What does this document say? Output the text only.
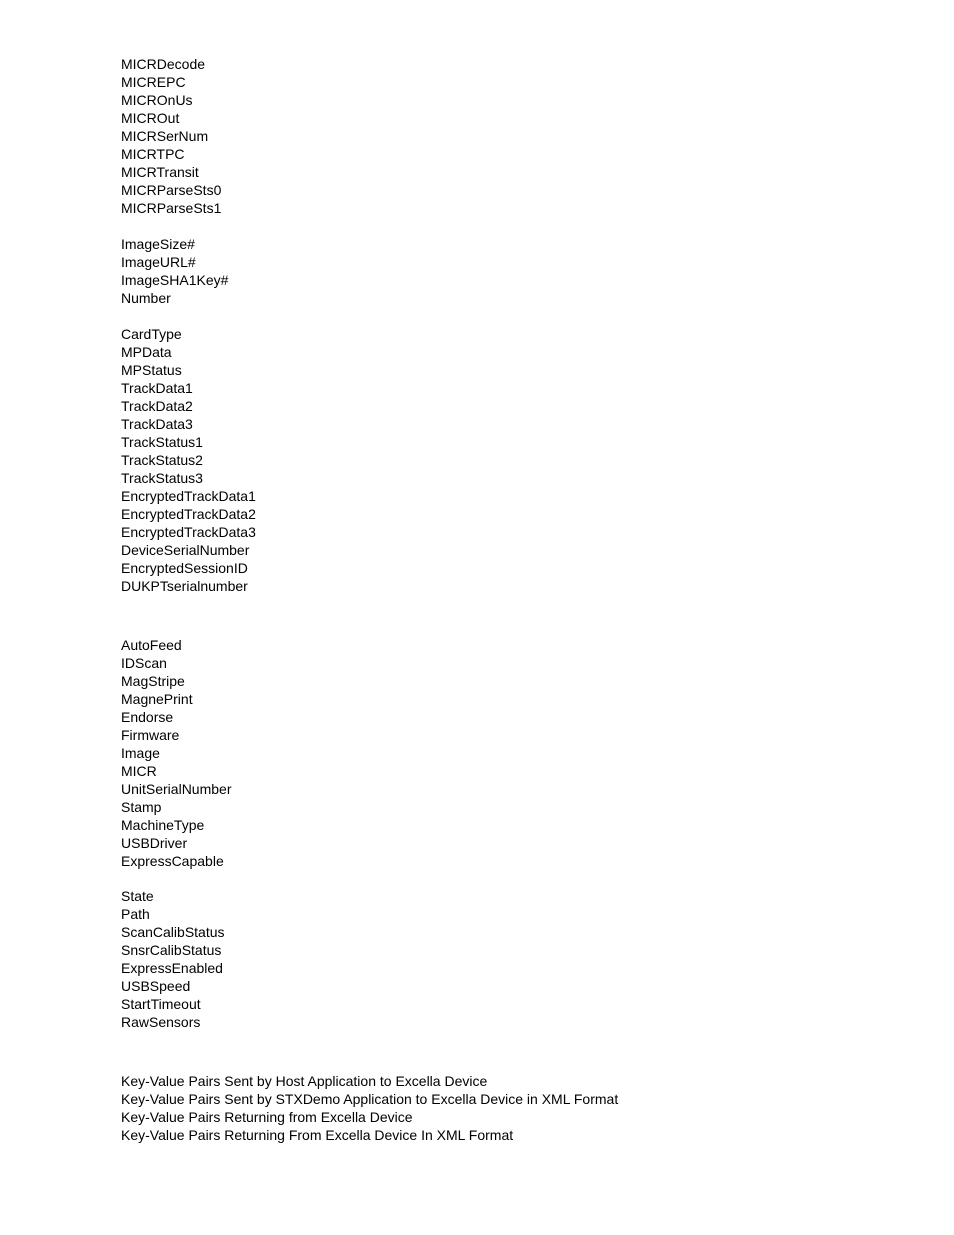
MICRDecode
MICREPC
MICROnUs
MICROut
MICRSerNum
MICRTPC
MICRTransit
MICRParseSts0
MICRParseSts1
ImageSize#
ImageURL#
ImageSHA1Key#
Number
CardType
MPData
MPStatus
TrackData1
TrackData2
TrackData3
TrackStatus1
TrackStatus2
TrackStatus3
EncryptedTrackData1
EncryptedTrackData2
EncryptedTrackData3
DeviceSerialNumber
EncryptedSessionID
DUKPTserialnumber
AutoFeed
IDScan
MagStripe
MagnePrint
Endorse
Firmware
Image
MICR
UnitSerialNumber
Stamp
MachineType
USBDriver
ExpressCapable
State
Path
ScanCalibStatus
SnsrCalibStatus
ExpressEnabled
USBSpeed
StartTimeout
RawSensors
Key-Value Pairs Sent by Host Application to Excella Device
Key-Value Pairs Sent by STXDemo Application to Excella Device in XML Format
Key-Value Pairs Returning from Excella Device
Key-Value Pairs Returning From Excella Device In XML Format
